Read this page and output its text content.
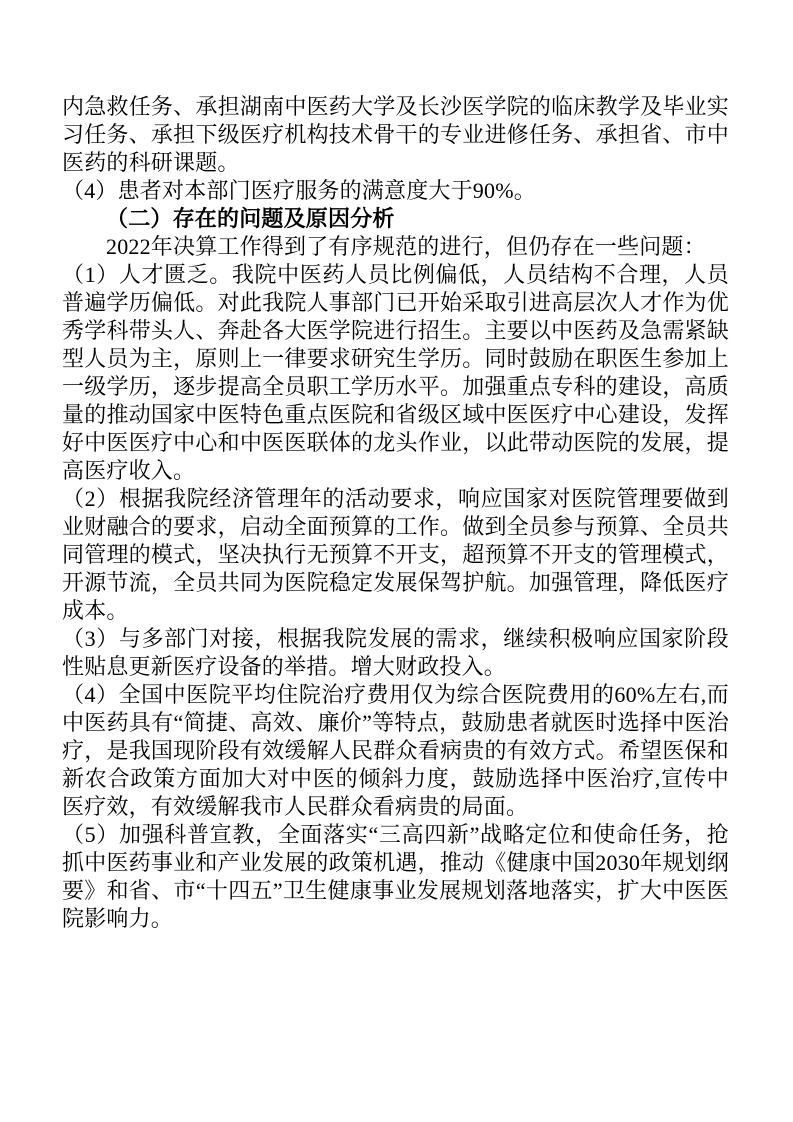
内急救任务、承担湖南中医药大学及长沙医学院的临床教学及毕业实习任务、承担下级医疗机构技术骨干的专业进修任务、承担省、市中医药的科研课题。

（4）患者对本部门医疗服务的满意度大于90%。

（二）存在的问题及原因分析

2022年决算工作得到了有序规范的进行，但仍存在一些问题：

（1）人才匮乏。我院中医药人员比例偏低，人员结构不合理，人员普遍学历偏低。对此我院人事部门已开始采取引进高层次人才作为优秀学科带头人、奔赴各大医学院进行招生。主要以中医药及急需紧缺型人员为主，原则上一律要求研究生学历。同时鼓励在职医生参加上一级学历，逐步提高全员职工学历水平。加强重点专科的建设，高质量的推动国家中医特色重点医院和省级区域中医医疗中心建设，发挥好中医医疗中心和中医医联体的龙头作业，以此带动医院的发展，提高医疗收入。

（2）根据我院经济管理年的活动要求，响应国家对医院管理要做到业财融合的要求，启动全面预算的工作。做到全员参与预算、全员共同管理的模式，坚决执行无预算不开支，超预算不开支的管理模式，开源节流，全员共同为医院稳定发展保驾护航。加强管理，降低医疗成本。

（3）与多部门对接，根据我院发展的需求，继续积极响应国家阶段性贴息更新医疗设备的举措。增大财政投入。

（4）全国中医院平均住院治疗费用仅为综合医院费用的60%左右,而中医药具有“简捷、高效、廉价”等特点，鼓励患者就医时选择中医治疗，是我国现阶段有效缓解人民群众看病贵的有效方式。希望医保和新农合政策方面加大对中医的倾斜力度，鼓励选择中医治疗,宣传中医疗效，有效缓解我市人民群众看病贵的局面。

（5）加强科普宣教，全面落实“三高四新”战略定位和使命任务，抢抓中医药事业和产业发展的政策机遇，推动《健康中国2030年规划纲要》和省、市“十四五”卫生健康事业发展规划落地落实，扩大中医医院影响力。
